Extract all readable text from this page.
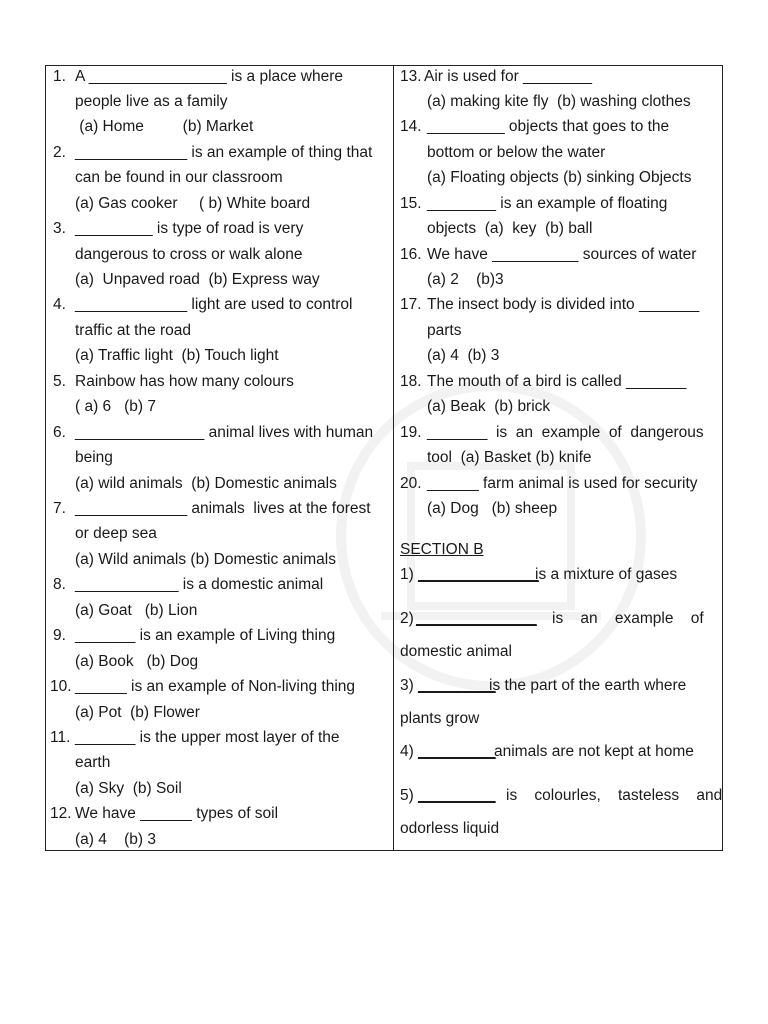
1. A ________________ is a place where
people live as a family
(a) Home         (b) Market
2. _____________ is an example of thing that
can be found in our classroom
(a) Gas cooker     ( b) White board
3. _________ is type of road is very
dangerous to cross or walk alone
(a)  Unpaved road  (b) Express way
4. _____________ light are used to control
traffic at the road
(a) Traffic light  (b) Touch light
5. Rainbow has how many colours
( a) 6   (b) 7
6. _______________ animal lives with human
being
(a) wild animals  (b) Domestic animals
7. _____________ animals  lives at the forest
or deep sea
(a) Wild animals (b) Domestic animals
8. ____________ is a domestic animal
(a) Goat   (b) Lion
9. _______ is an example of Living thing
(a) Book   (b) Dog
10. ______ is an example of Non-living thing
(a) Pot  (b) Flower
11. _______ is the upper most layer of the
earth
(a) Sky  (b) Soil
12. We have ______ types of soil
(a) 4    (b) 3
13. Air is used for ________
(a) making kite fly  (b) washing clothes
14. _________ objects that goes to the
bottom or below the water
(a) Floating objects (b) sinking Objects
15. ________ is an example of floating
objects  (a)  key  (b) ball
16. We have __________ sources of water
(a) 2    (b)3
17. The insect body is divided into _______
parts
(a) 4  (b) 3
18. The mouth of a bird is called _______
(a) Beak  (b) brick
19. _______  is  an  example  of  dangerous
tool  (a) Basket (b) knife
20. ______ farm animal is used for security
(a) Dog   (b) sheep
SECTION B
1) ______________
is a mixture of gases
2) ______________ is    an    example    of
domestic animal
3) _________
is the part of the earth where
plants grow
4) _________
animals are not kept at home
5) _________ is    colourles,    tasteless    and
odorless liquid
